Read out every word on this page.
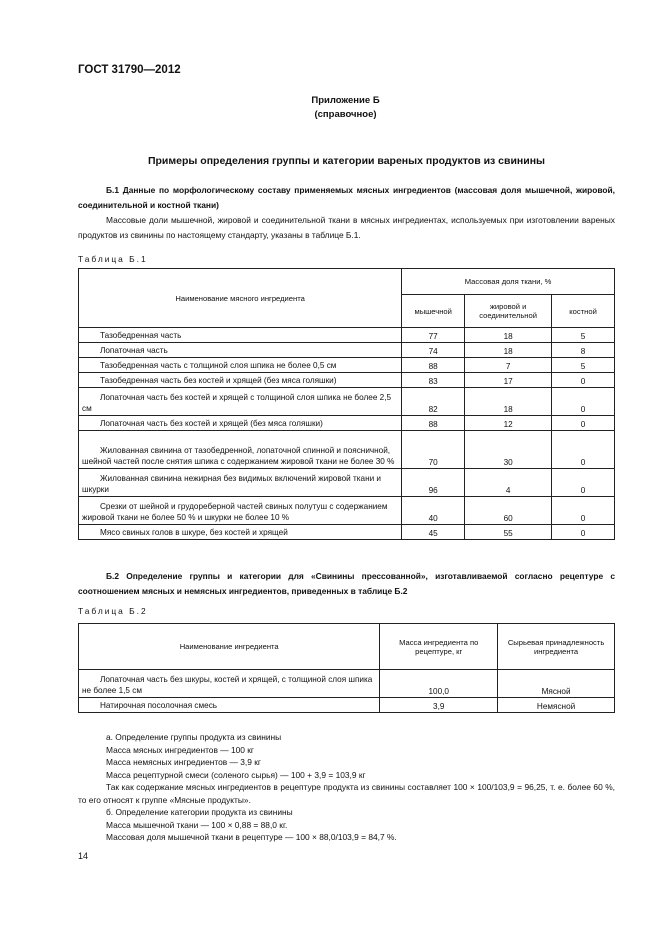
ГОСТ 31790—2012
Приложение Б
(справочное)
Примеры определения группы и категории вареных продуктов из свинины
Б.1 Данные по морфологическому составу применяемых мясных ингредиентов (массовая доля мышечной, жировой, соединительной и костной ткани)
Массовые доли мышечной, жировой и соединительной ткани в мясных ингредиентах, используемых при изготовлении вареных продуктов из свинины по настоящему стандарту, указаны в таблице Б.1.
Таблица Б.1
Наименование мясного ингредиента	Массовая доля ткани, %		
	мышечной	жировой и соединительной	костной
Тазобедренная часть	77	18	5
Лопаточная часть	74	18	8
Тазобедренная часть с толщиной слоя шпика не более 0,5 см	88	7	5
Тазобедренная часть без костей и хрящей (без мяса голяшки)	83	17	0
Лопаточная часть без костей и хрящей с толщиной слоя шпика не более 2,5 см	82	18	0
Лопаточная часть без костей и хрящей (без мяса голяшки)	88	12	0
Жилованная свинина от тазобедренной, лопаточной спинной и поясничной, шейной частей после снятия шпика с содержанием жировой ткани не более 30 %	70	30	0
Жилованная свинина нежирная без видимых включений жировой ткани и шкурки	96	4	0
Срезки от шейной и грудореберной частей свиных полутуш с содержанием жировой ткани не более 50 % и шкурки не более 10 %	40	60	0
Мясо свиных голов в шкуре, без костей и хрящей	45	55	0
Б.2 Определение группы и категории для «Свинины прессованной», изготавливаемой согласно рецептуре с соотношением мясных и немясных ингредиентов, приведенных в таблице Б.2
Таблица Б.2
Наименование ингредиента	Масса ингредиента по рецептуре, кг	Сырьевая принадлежность ингредиента
Лопаточная часть без шкуры, костей и хрящей, с толщиной слоя шпика не более 1,5 см	100,0	Мясной
Натирочная посолочная смесь	3,9	Немясной
а. Определение группы продукта из свинины
Масса мясных ингредиентов — 100 кг
Масса немясных ингредиентов — 3,9 кг
Масса рецептурной смеси (соленого сырья) — 100 + 3,9 = 103,9 кг
Так как содержание мясных ингредиентов в рецептуре продукта из свинины составляет 100 × 100/103,9 = 96,25, т. е. более 60 %, то его относят к группе «Мясные продукты».
б. Определение категории продукта из свинины
Масса мышечной ткани — 100 × 0,88 = 88,0 кг.
Массовая доля мышечной ткани в рецептуре — 100 × 88,0/103,9 = 84,7 %.
14
